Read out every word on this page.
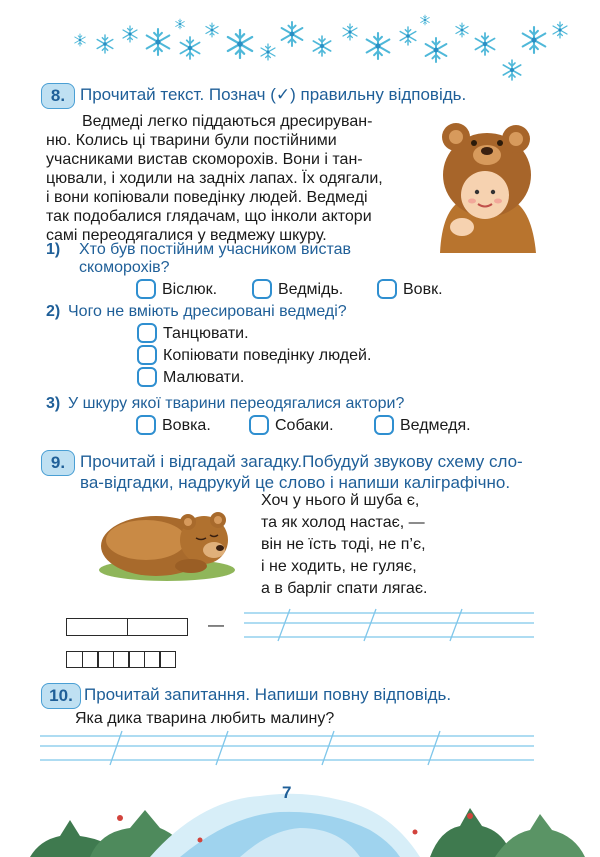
8. Прочитай текст. Познач (✓) правильну відповідь.
Ведмеді легко піддаються дресируван-
ню. Колись ці тварини були постійними
учасниками вистав скоморохів. Вони і тан-
цювали, і ходили на задніх лапах. Їх одягали,
і вони копіювали поведінку людей. Ведмеді
так подобалися глядачам, що інколи актори
самі переодягалися у ведмежу шкуру.
1) Хто був постійним учасником вистав
скоморохів?
Віслюк.	Ведмідь.	Вовк.
2) Чого не вміють дресировані ведмеді?
Танцювати.
Копіювати поведінку людей.
Малювати.
3) У шкуру якої тварини переодягалися актори?
Вовка.	Собаки.	Ведмедя.
9. Прочитай і відгадай загадку.Побудуй звукову схему сло-
ва-відгадки, надрукуй це слово і напиши каліграфічно.
Хоч у нього й шуба є,
та як холод настає, —
він не їсть тоді, не п’є,
і не ходить, не гуляє,
а в барліг спати лягає.
—
10. Прочитай запитання. Напиши повну відповідь.
Яка дика тварина любить малину?
7
